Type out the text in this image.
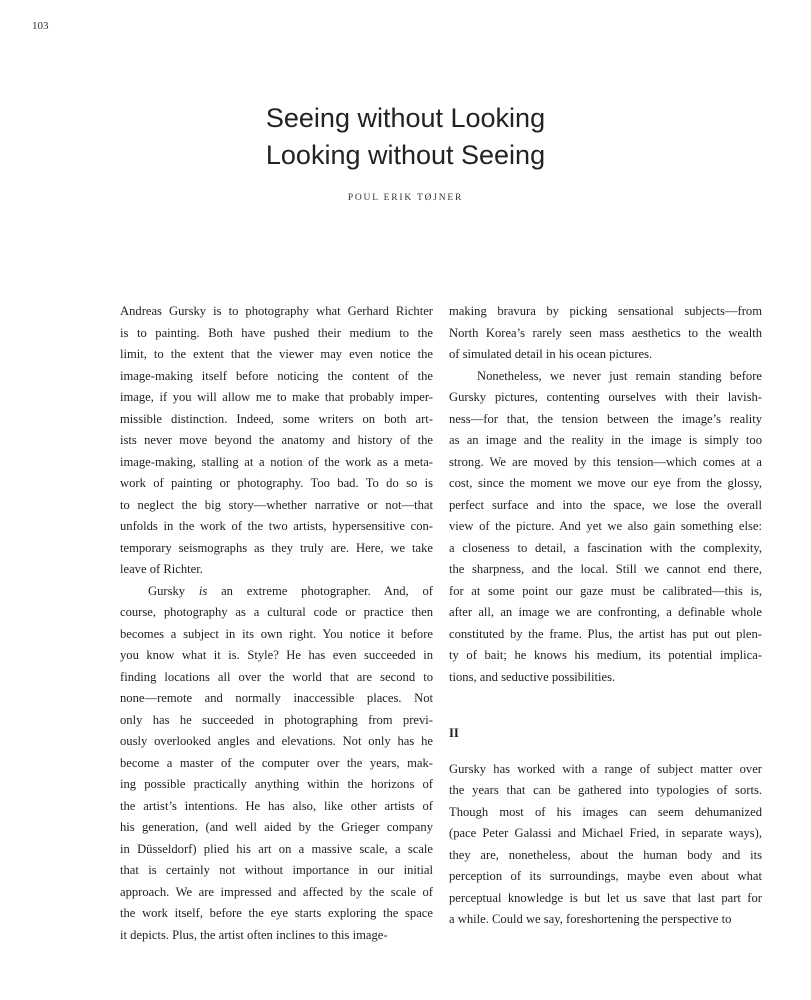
103
Seeing without Looking
Looking without Seeing
POUL ERIK TØJNER
Andreas Gursky is to photography what Gerhard Richter
is to painting. Both have pushed their medium to the
limit, to the extent that the viewer may even notice the
image-making itself before noticing the content of the
image, if you will allow me to make that probably imper-
missible distinction. Indeed, some writers on both art-
ists never move beyond the anatomy and history of the
image-making, stalling at a notion of the work as a meta-
work of painting or photography. Too bad. To do so is
to neglect the big story—whether narrative or not—that
unfolds in the work of the two artists, hypersensitive con-
temporary seismographs as they truly are. Here, we take
leave of Richter.
Gursky is an extreme photographer. And, of
course, photography as a cultural code or practice then
becomes a subject in its own right. You notice it before
you know what it is. Style? He has even succeeded in
finding locations all over the world that are second to
none—remote and normally inaccessible places. Not
only has he succeeded in photographing from previ-
ously overlooked angles and elevations. Not only has he
become a master of the computer over the years, mak-
ing possible practically anything within the horizons of
the artist’s intentions. He has also, like other artists of
his generation, (and well aided by the Grieger company
in Düsseldorf) plied his art on a massive scale, a scale
that is certainly not without importance in our initial
approach. We are impressed and affected by the scale of
the work itself, before the eye starts exploring the space
it depicts. Plus, the artist often inclines to this image-
making bravura by picking sensational subjects—from
North Korea’s rarely seen mass aesthetics to the wealth
of simulated detail in his ocean pictures.
Nonetheless, we never just remain standing before
Gursky pictures, contenting ourselves with their lavish-
ness—for that, the tension between the image’s reality
as an image and the reality in the image is simply too
strong. We are moved by this tension—which comes at a
cost, since the moment we move our eye from the glossy,
perfect surface and into the space, we lose the overall
view of the picture. And yet we also gain something else:
a closeness to detail, a fascination with the complexity,
the sharpness, and the local. Still we cannot end there,
for at some point our gaze must be calibrated—this is,
after all, an image we are confronting, a definable whole
constituted by the frame. Plus, the artist has put out plen-
ty of bait; he knows his medium, its potential implica-
tions, and seductive possibilities.
II
Gursky has worked with a range of subject matter over
the years that can be gathered into typologies of sorts.
Though most of his images can seem dehumanized
(pace Peter Galassi and Michael Fried, in separate ways),
they are, nonetheless, about the human body and its
perception of its surroundings, maybe even about what
perceptual knowledge is but let us save that last part for
a while. Could we say, foreshortening the perspective to
